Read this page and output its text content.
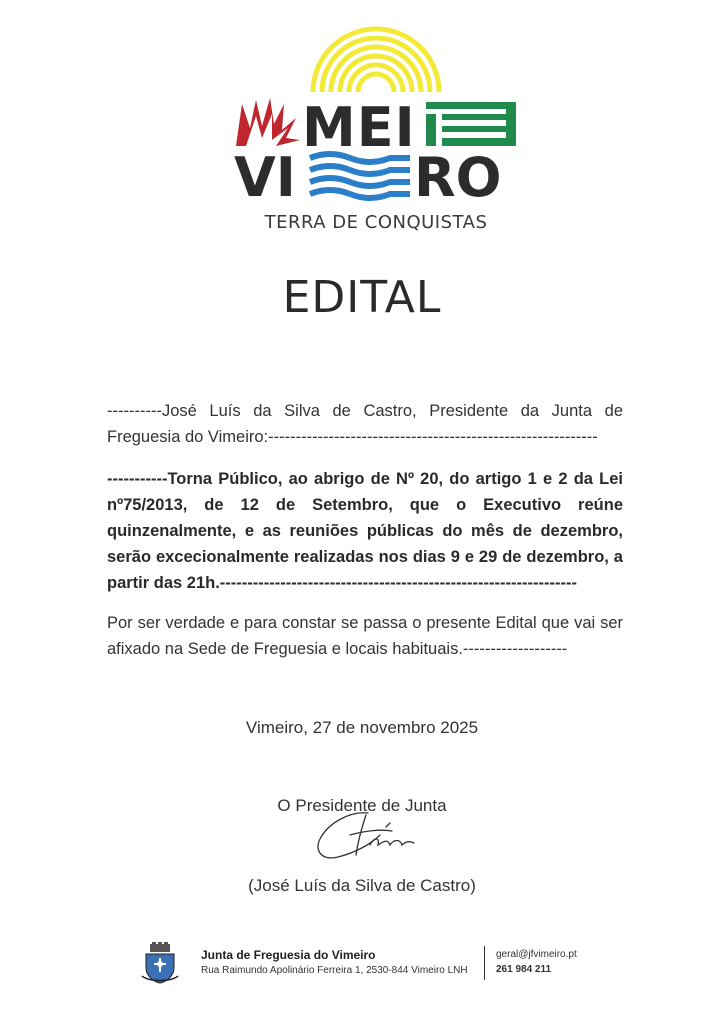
MEI
VI RO
TERRA DE CONQUISTAS
EDITAL
----------José Luís da Silva de Castro, Presidente da Junta de Freguesia do Vimeiro:------------------------------------------------------------
-----------Torna Público, ao abrigo de Nº 20, do artigo 1 e 2 da Lei nº75/2013, de 12 de Setembro, que o Executivo reúne quinzenalmente, e as reuniões públicas do mês de dezembro, serão excecionalmente realizadas nos dias 9 e 29 de dezembro, a partir das 21h.-----------------------------------------------------------------
Por ser verdade e para constar se passa o presente Edital que vai ser afixado na Sede de Freguesia e locais habituais.-------------------
Vimeiro, 27 de novembro 2025
O Presidente de Junta
(José Luís da Silva de Castro)
Junta de Freguesia do Vimeiro
Rua Raimundo Apolinário Ferreira 1, 2530-844 Vimeiro LNH
geral@jfvimeiro.pt
261 984 211
